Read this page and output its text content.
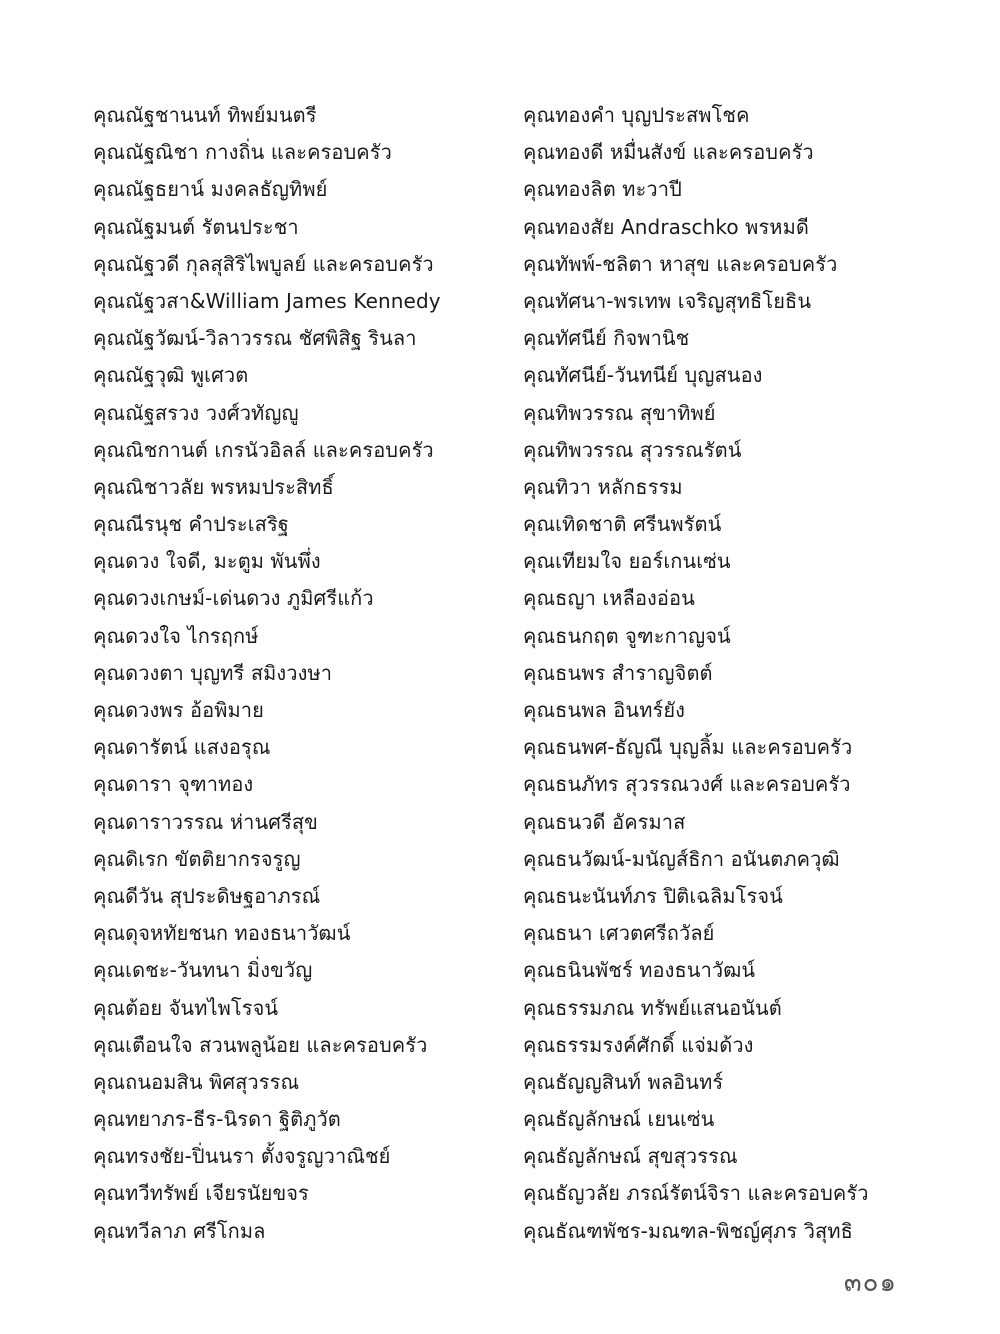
คุณณัฐชานนท์ ทิพย์มนตรี
คุณณัฐณิชา กางถิ่น และครอบครัว
คุณณัฐธยาน์ มงคลธัญทิพย์
คุณณัฐมนต์ รัตนประชา
คุณณัฐวดี กุลสุสิริไพบูลย์ และครอบครัว
คุณณัฐวสา&William James Kennedy
คุณณัฐวัฒน์-วิลาวรรณ ชัศพิสิฐ รินลา
คุณณัฐวุฒิ พูเศวต
คุณณัฐสรวง วงศ์วทัญญู
คุณณิชกานต์ เกรนัวอิลล์ และครอบครัว
คุณณิชาวลัย พรหมประสิทธิ์
คุณณีรนุช คำประเสริฐ
คุณดวง ใจดี, มะตูม พันพึ่ง
คุณดวงเกษม์-เด่นดวง ภูมิศรีแก้ว
คุณดวงใจ ไกรฤกษ์
คุณดวงตา บุญทรี สมิงวงษา
คุณดวงพร อ้อพิมาย
คุณดารัตน์ แสงอรุณ
คุณดารา จุฑาทอง
คุณดาราวรรณ ห่านศรีสุข
คุณดิเรก ขัตติยากรจรูญ
คุณดีวัน สุประดิษฐอาภรณ์
คุณดุจหทัยชนก ทองธนาวัฒน์
คุณเดชะ-วันทนา มิ่งขวัญ
คุณต้อย จันทไพโรจน์
คุณเตือนใจ สวนพลูน้อย และครอบครัว
คุณถนอมสิน พิศสุวรรณ
คุณทยาภร-ธีร-นิรดา ฐิติภูวัต
คุณทรงชัย-ปิ่นนรา ตั้งจรูญวาณิชย์
คุณทวีทรัพย์ เจียรนัยขจร
คุณทวีลาภ ศรีโกมล
คุณทองคำ บุญประสพโชค
คุณทองดี หมื่นสังข์ และครอบครัว
คุณทองลิต ทะวาปี
คุณทองสัย Andraschko พรหมดี
คุณทัพพ์-ชลิตา หาสุข และครอบครัว
คุณทัศนา-พรเทพ เจริญสุทธิโยธิน
คุณทัศนีย์ กิจพานิช
คุณทัศนีย์-วันทนีย์ บุญสนอง
คุณทิพวรรณ สุขาทิพย์
คุณทิพวรรณ สุวรรณรัตน์
คุณทิวา หลักธรรม
คุณเทิดชาติ ศรีนพรัตน์
คุณเทียมใจ ยอร์เกนเซ่น
คุณธญา เหลืองอ่อน
คุณธนกฤต จูฑะกาญจน์
คุณธนพร สำราญจิตต์
คุณธนพล อินทร์ยัง
คุณธนพศ-ธัญณี บุญลิ้ม และครอบครัว
คุณธนภัทร สุวรรณวงศ์ และครอบครัว
คุณธนวดี อัครมาส
คุณธนวัฒน์-มนัญส์ธิกา อนันตภควุฒิ
คุณธนะนันท์ภร ปิติเฉลิมโรจน์
คุณธนา เศวตศรีถวัลย์
คุณธนินพัชร์ ทองธนาวัฒน์
คุณธรรมภณ ทรัพย์แสนอนันต์
คุณธรรมรงค์ศักดิ์ แจ่มด้วง
คุณธัญญสินท์ พลอินทร์
คุณธัญลักษณ์ เยนเซ่น
คุณธัญลักษณ์ สุขสุวรรณ
คุณธัญวลัย ภรณ์รัตน์จิรา และครอบครัว
คุณธัณฑพัชร-มณฑล-พิชญ์ศุภร วิสุทธิ
๓๐๑
